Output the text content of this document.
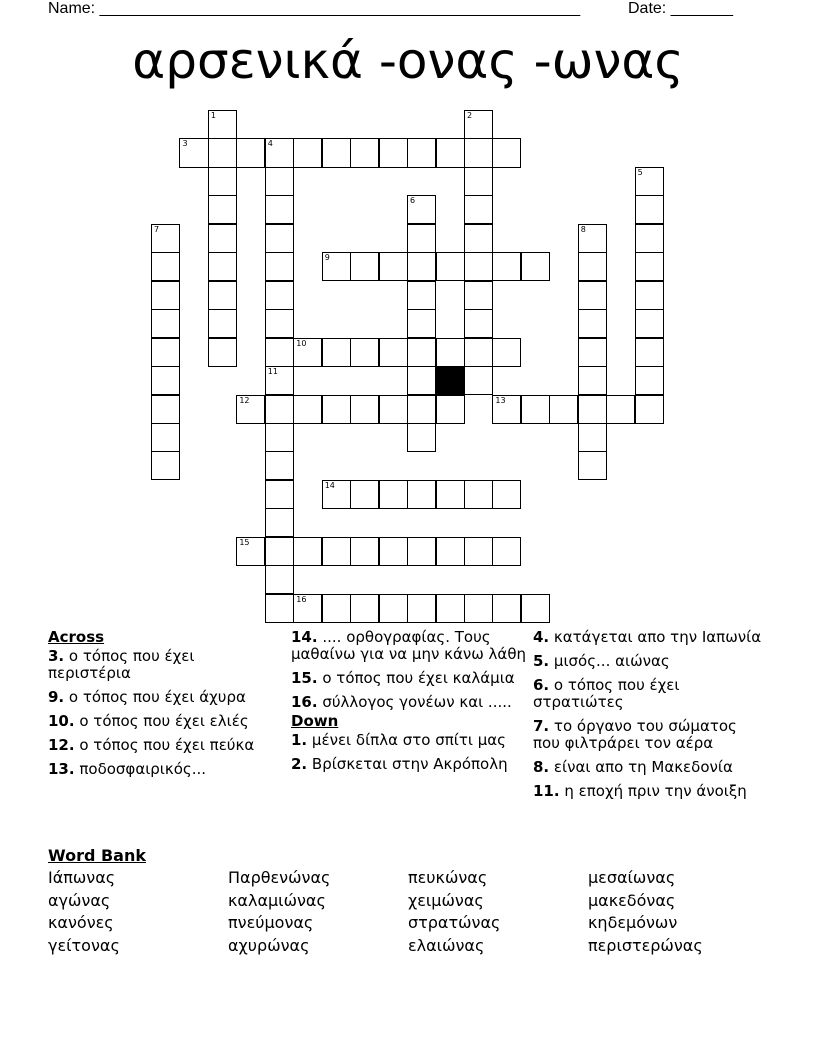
Name: ______________________________________________________	Date: _______
αρσενικά -ονας -ωνας
3	4
9
10
12	13
14
15
16
1	2
11
5
6
7	8
Across
3. ο τόπος που έχει περιστέρια
9. ο τόπος που έχει άχυρα
10. ο τόπος που έχει ελιές
12. ο τόπος που έχει πεύκα
13. ποδοσφαιρικός...
14. .... ορθογραφίας. Τους μαθαίνω για να μην κάνω λάθη
15. ο τόπος που έχει καλάμια
16. σύλλογος γονέων και .....
Down
1. μένει δίπλα στο σπίτι μας
2. Βρίσκεται στην Ακρόπολη
4. κατάγεται απο την Ιαπωνία
5. μισός... αιώνας
6. ο τόπος που έχει στρατιώτες
7. το όργανο του σώματος που φιλτράρει τον αέρα
8. είναι απο τη Μακεδονία
11. η εποχή πριν την άνοιξη
Word Bank
Ιάπωνας
αγώνας
κανόνες
γείτονας
Παρθενώνας
καλαμιώνας
πνεύμονας
αχυρώνας
πευκώνας
χειμώνας
στρατώνας
ελαιώνας
μεσαίωνας
μακεδόνας
κηδεμόνων
περιστερώνας
